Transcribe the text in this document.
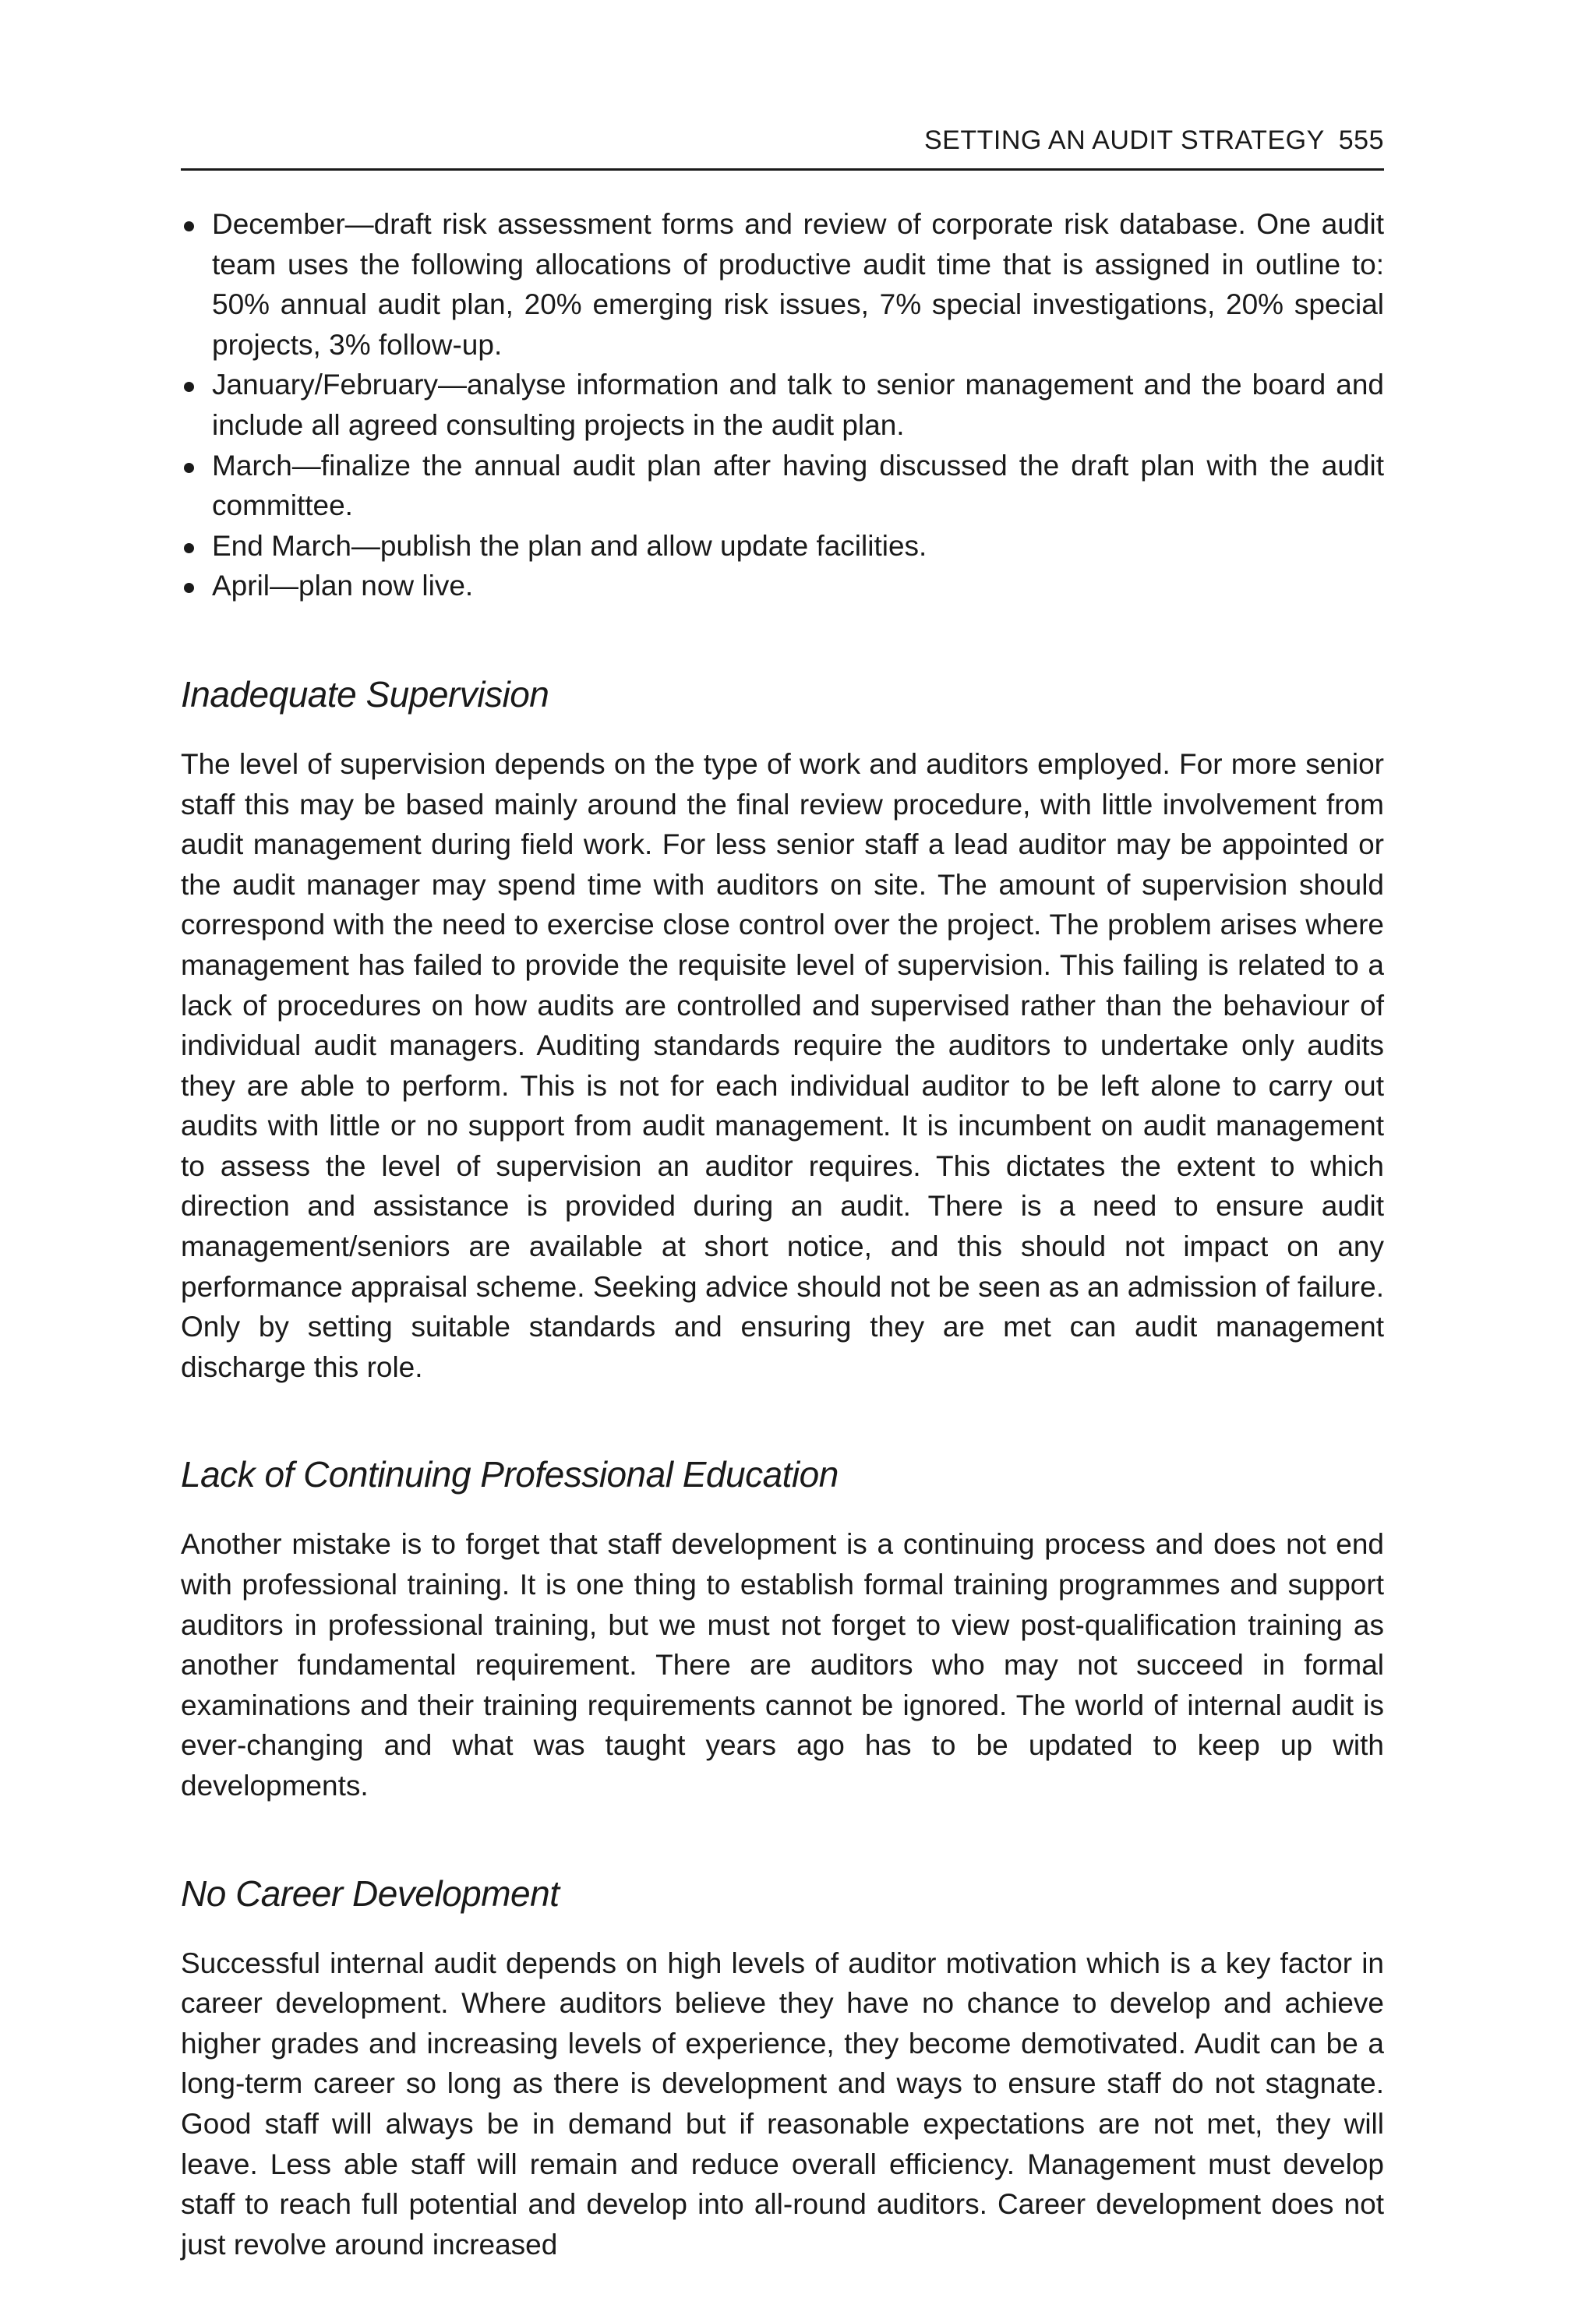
SETTING AN AUDIT STRATEGY 555
December—draft risk assessment forms and review of corporate risk database. One audit team uses the following allocations of productive audit time that is assigned in outline to: 50% annual audit plan, 20% emerging risk issues, 7% special investigations, 20% special projects, 3% follow-up.
January/February—analyse information and talk to senior management and the board and include all agreed consulting projects in the audit plan.
March—finalize the annual audit plan after having discussed the draft plan with the audit committee.
End March—publish the plan and allow update facilities.
April—plan now live.
Inadequate Supervision

The level of supervision depends on the type of work and auditors employed. For more senior staff this may be based mainly around the final review procedure, with little involvement from audit management during field work. For less senior staff a lead auditor may be appointed or the audit manager may spend time with auditors on site. The amount of supervision should correspond with the need to exercise close control over the project. The problem arises where management has failed to provide the requisite level of supervision. This failing is related to a lack of procedures on how audits are controlled and supervised rather than the behaviour of individual audit managers. Auditing standards require the auditors to undertake only audits they are able to perform. This is not for each individual auditor to be left alone to carry out audits with little or no support from audit management. It is incumbent on audit management to assess the level of supervision an auditor requires. This dictates the extent to which direction and assistance is provided during an audit. There is a need to ensure audit management/seniors are available at short notice, and this should not impact on any performance appraisal scheme. Seeking advice should not be seen as an admission of failure. Only by setting suitable standards and ensuring they are met can audit management discharge this role.

Lack of Continuing Professional Education

Another mistake is to forget that staff development is a continuing process and does not end with professional training. It is one thing to establish formal training programmes and support auditors in professional training, but we must not forget to view post-qualification training as another fundamental requirement. There are auditors who may not succeed in formal examinations and their training requirements cannot be ignored. The world of internal audit is ever-changing and what was taught years ago has to be updated to keep up with developments.

No Career Development

Successful internal audit depends on high levels of auditor motivation which is a key factor in career development. Where auditors believe they have no chance to develop and achieve higher grades and increasing levels of experience, they become demotivated. Audit can be a long-term career so long as there is development and ways to ensure staff do not stagnate. Good staff will always be in demand but if reasonable expectations are not met, they will leave. Less able staff will remain and reduce overall efficiency. Management must develop staff to reach full potential and develop into all-round auditors. Career development does not just revolve around increased
